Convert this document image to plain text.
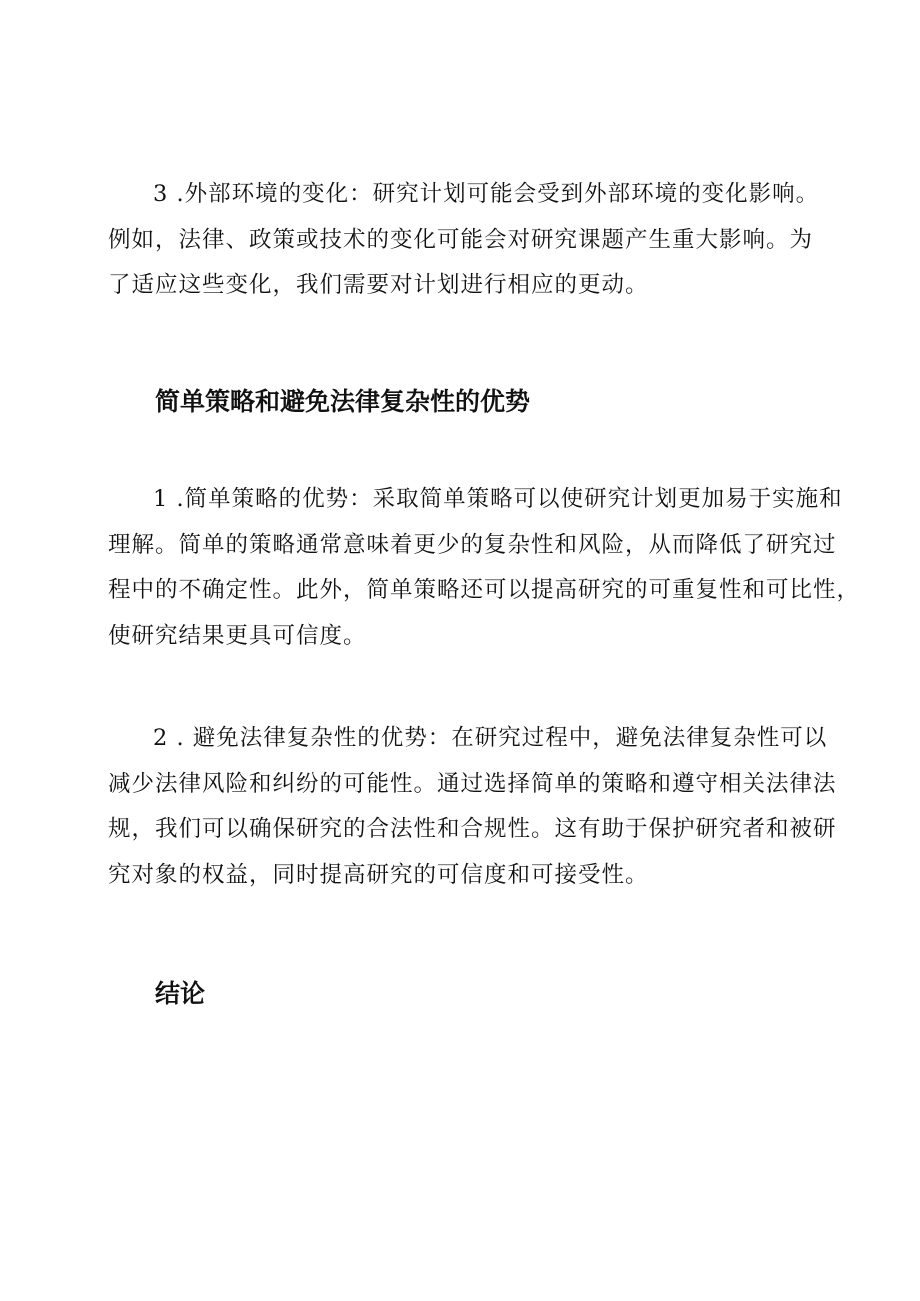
3 .外部环境的变化：研究计划可能会受到外部环境的变化影响。
例如，法律、政策或技术的变化可能会对研究课题产生重大影响。为
了适应这些变化，我们需要对计划进行相应的更动。

简单策略和避免法律复杂性的优势

1 .简单策略的优势：采取简单策略可以使研究计划更加易于实施和
理解。简单的策略通常意味着更少的复杂性和风险，从而降低了研究过
程中的不确定性。此外，简单策略还可以提高研究的可重复性和可比性，
使研究结果更具可信度。

2 . 避免法律复杂性的优势：在研究过程中，避免法律复杂性可以
减少法律风险和纠纷的可能性。通过选择简单的策略和遵守相关法律法
规，我们可以确保研究的合法性和合规性。这有助于保护研究者和被研
究对象的权益，同时提高研究的可信度和可接受性。

结论
